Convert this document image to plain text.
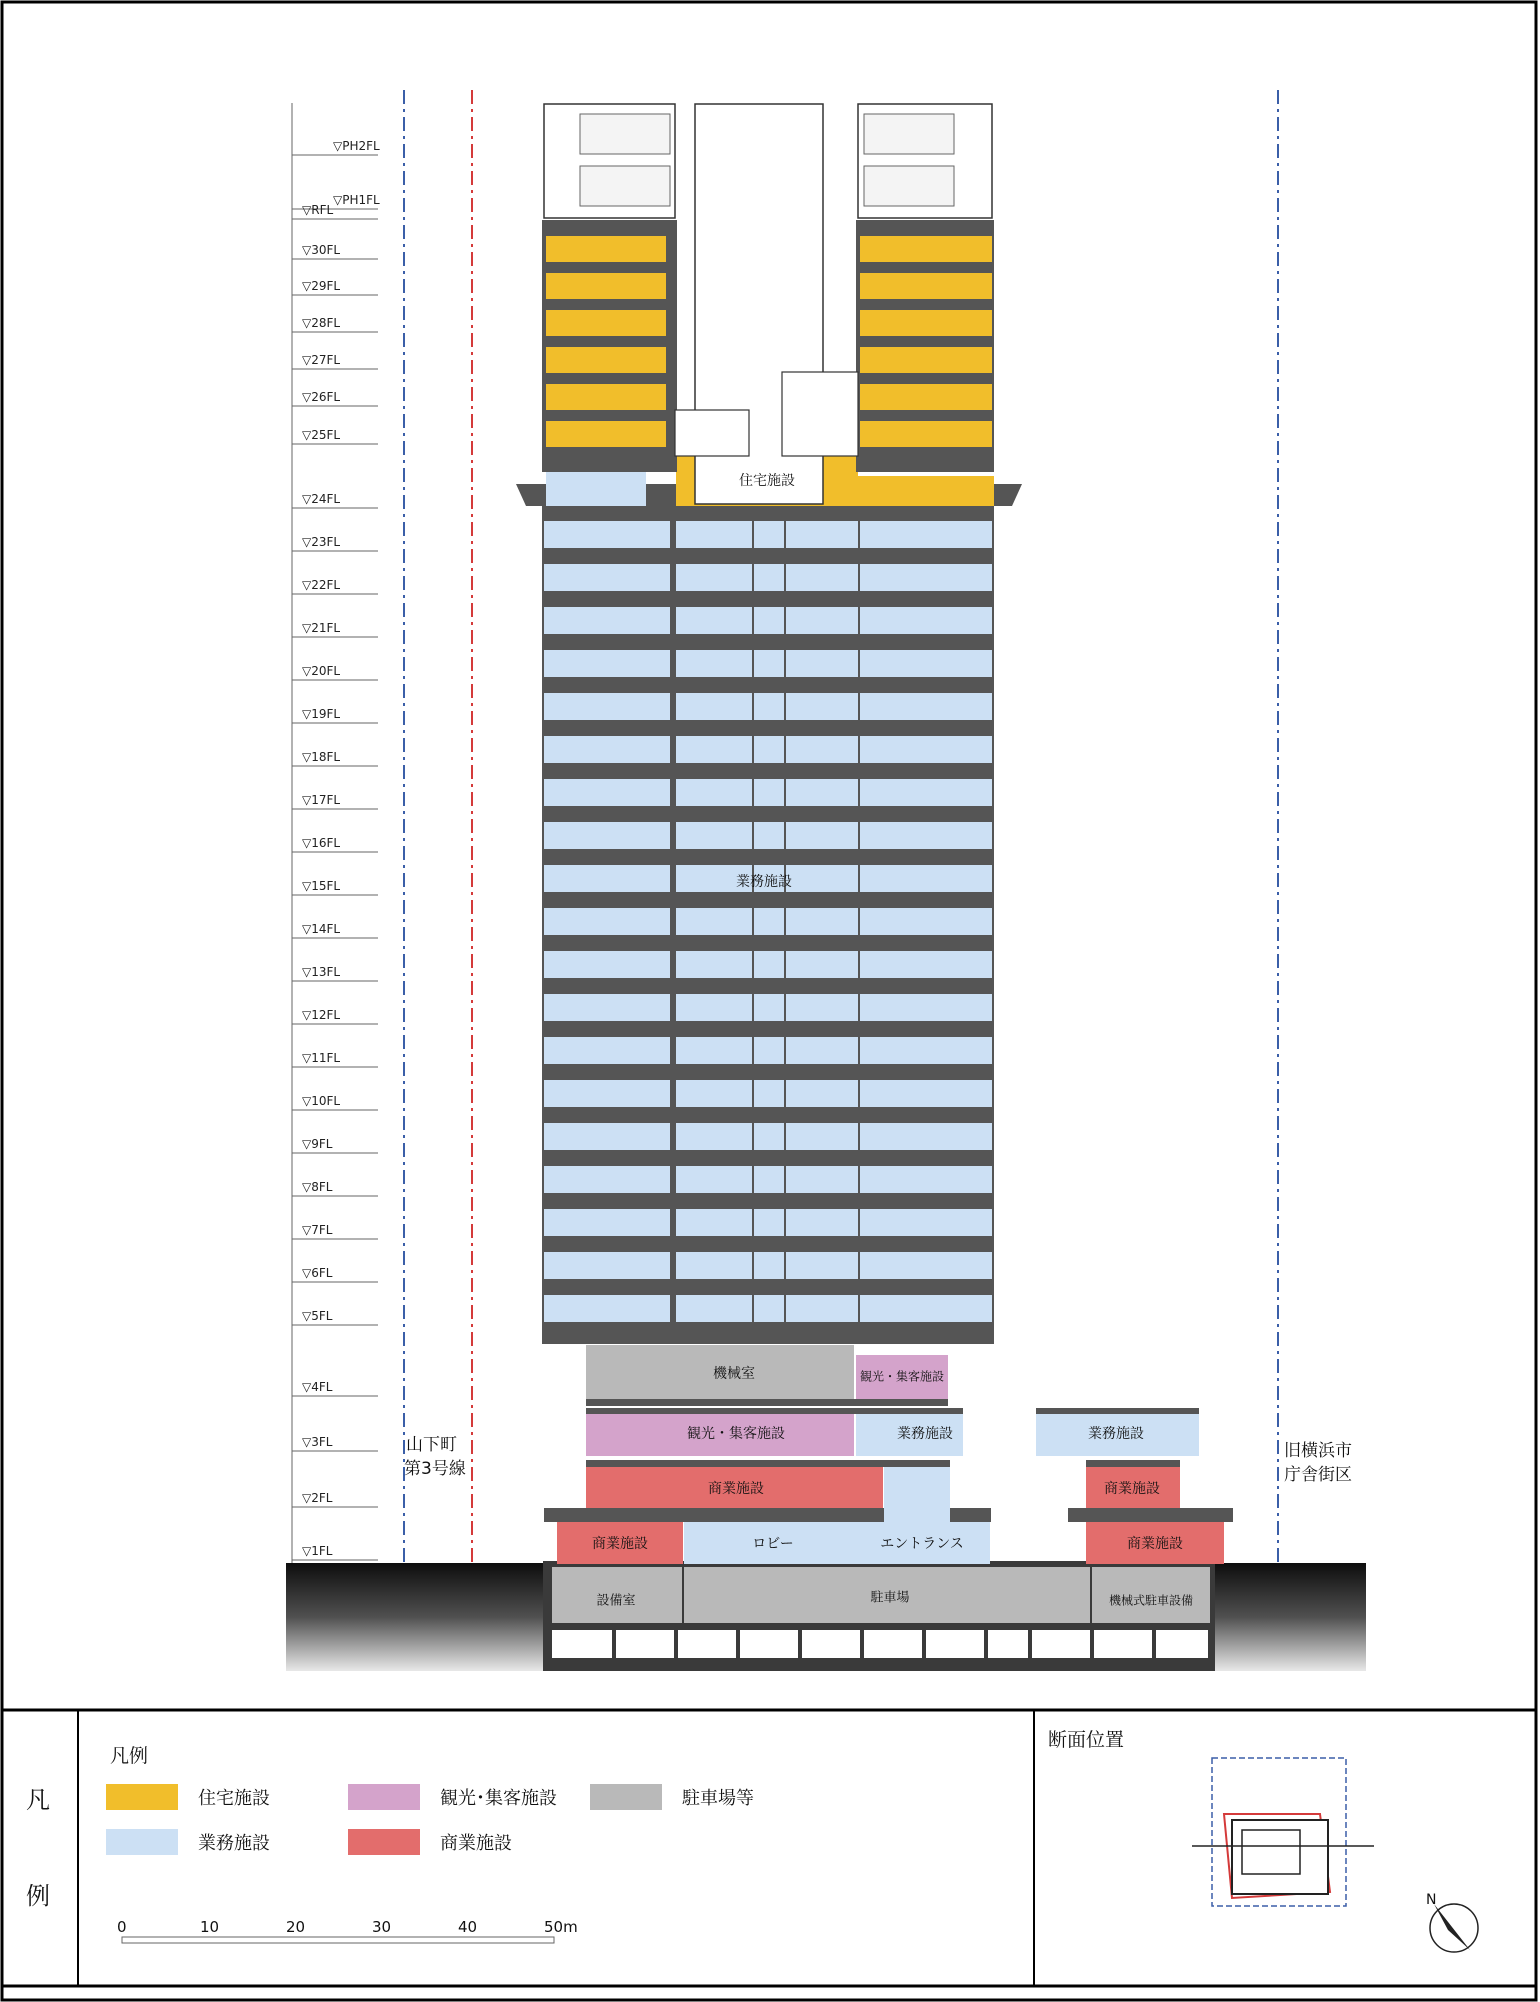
▽PH2FL
▽PH1FL
▽RFL
▽30FL
▽29FL
▽28FL
▽27FL
▽26FL
▽25FL
▽24FL
▽23FL
▽22FL
▽21FL
▽20FL
▽19FL
▽18FL
▽17FL
▽16FL
▽15FL
▽14FL
▽13FL
▽12FL
▽11FL
▽10FL
▽9FL
▽8FL
▽7FL
▽6FL
▽5FL
▽4FL
▽3FL
▽2FL
▽1FL
住宅施設
業務施設
機械室	観光・集客施設
観光・集客施設	業務施設	業務施設
商業施設	商業施設
商業施設	ロビー	エントランス	商業施設
設備室	駐車場	機械式駐車設備
山下町
第3号線
旧横浜市
庁舎街区
凡
例
凡例
住宅施設	観光･集客施設	駐車場等
業務施設	商業施設
0	10	20	30	40	50m
断面位置
N
